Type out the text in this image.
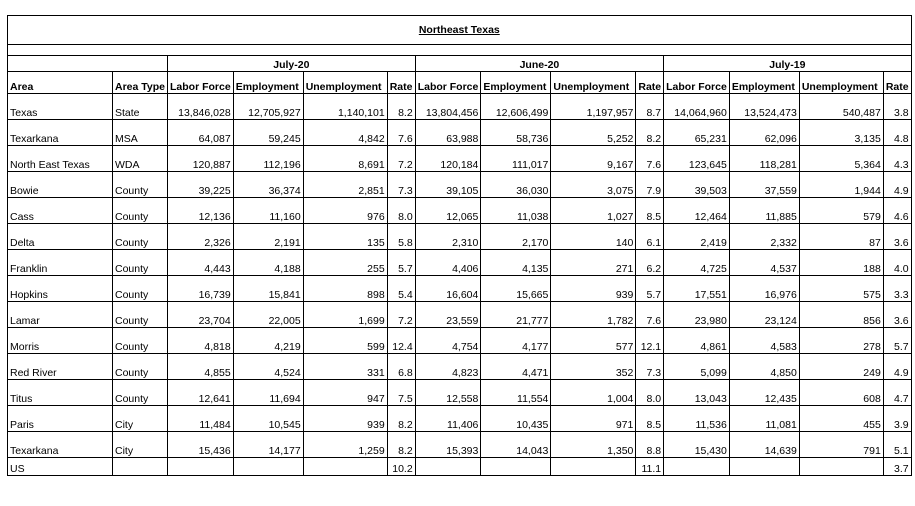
Northeast Texas													

		July-20				June-20				July-19			
Area	Area Type	Labor Force	Employment	Unemployment	Rate	Labor Force	Employment	Unemployment	Rate	Labor Force	Employment	Unemployment	Rate
Texas	State	13,846,028	12,705,927	1,140,101	8.2	13,804,456	12,606,499	1,197,957	8.7	14,064,960	13,524,473	540,487	3.8
Texarkana	MSA	64,087	59,245	4,842	7.6	63,988	58,736	5,252	8.2	65,231	62,096	3,135	4.8
North East Texas	WDA	120,887	112,196	8,691	7.2	120,184	111,017	9,167	7.6	123,645	118,281	5,364	4.3
Bowie	County	39,225	36,374	2,851	7.3	39,105	36,030	3,075	7.9	39,503	37,559	1,944	4.9
Cass	County	12,136	11,160	976	8.0	12,065	11,038	1,027	8.5	12,464	11,885	579	4.6
Delta	County	2,326	2,191	135	5.8	2,310	2,170	140	6.1	2,419	2,332	87	3.6
Franklin	County	4,443	4,188	255	5.7	4,406	4,135	271	6.2	4,725	4,537	188	4.0
Hopkins	County	16,739	15,841	898	5.4	16,604	15,665	939	5.7	17,551	16,976	575	3.3
Lamar	County	23,704	22,005	1,699	7.2	23,559	21,777	1,782	7.6	23,980	23,124	856	3.6
Morris	County	4,818	4,219	599	12.4	4,754	4,177	577	12.1	4,861	4,583	278	5.7
Red River	County	4,855	4,524	331	6.8	4,823	4,471	352	7.3	5,099	4,850	249	4.9
Titus	County	12,641	11,694	947	7.5	12,558	11,554	1,004	8.0	13,043	12,435	608	4.7
Paris	City	11,484	10,545	939	8.2	11,406	10,435	971	8.5	11,536	11,081	455	3.9
Texarkana	City	15,436	14,177	1,259	8.2	15,393	14,043	1,350	8.8	15,430	14,639	791	5.1
US					10.2				11.1				3.7
